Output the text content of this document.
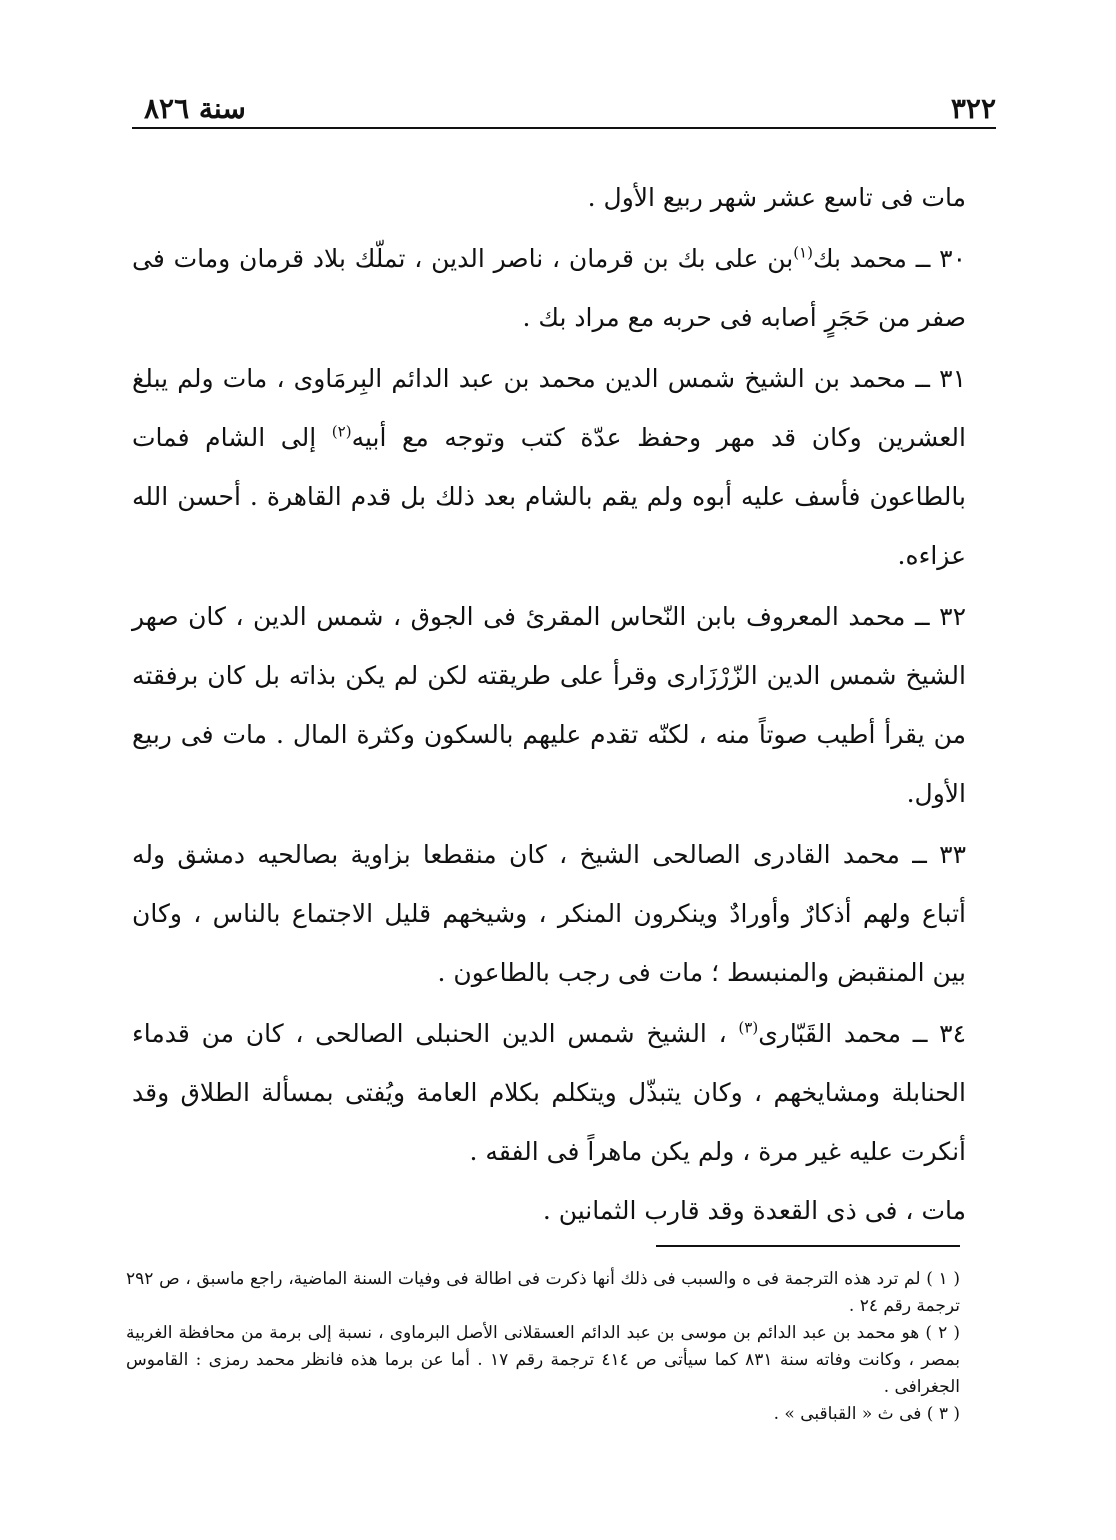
٣٢٢
سنة ٨٢٦

مات فى تاسع عشر شهر ربيع الأول .

٣٠ ــ محمد بك$^{(١)}$بن على بك بن قرمان ، ناصر الدين ، تملّك بلاد قرمان ومات فى صفر من حَجَرٍ أصابه فى حربه مع مراد بك .

٣١ ــ محمد بن الشيخ شمس الدين محمد بن عبد الدائم البِرمَاوى ، مات ولم يبلغ العشرين وكان قد مهر وحفظ عدّة كتب وتوجه مع أبيه$^{(٢)}$ إلى الشام فمات بالطاعون فأسف عليه أبوه ولم يقم بالشام بعد ذلك بل قدم القاهرة . أحسن الله عزاءه.

٣٢ ــ محمد المعروف بابن النّحاس المقرئ فى الجوق ، شمس الدين ، كان صهر الشيخ شمس الدين الزّرْزَارى وقرأ على طريقته لكن لم يكن بذاته بل كان برفقته من يقرأ أطيب صوتاً منه ، لكنّه تقدم عليهم بالسكون وكثرة المال . مات فى ربيع الأول.

٣٣ ــ محمد القادرى الصالحى الشيخ ، كان منقطعا بزاوية بصالحيه دمشق وله أتباع ولهم أذكارٌ وأورادٌ وينكرون المنكر ، وشيخهم قليل الاجتماع بالناس ، وكان بين المنقبض والمنبسط ؛ مات فى رجب بالطاعون .

٣٤ ــ محمد القَبّارى$^{(٣)}$ ، الشيخ شمس الدين الحنبلى الصالحى ، كان من قدماء الحنابلة ومشايخهم ، وكان يتبذّل ويتكلم بكلام العامة ويُفتى بمسألة الطلاق وقد أنكرت عليه غير مرة ، ولم يكن ماهراً فى الفقه .

مات ، فى ذى القعدة وقد قارب الثمانين .

( ١ ) لم ترد هذه الترجمة فى ه والسبب فى ذلك أنها ذكرت فى اطالة فى وفيات السنة الماضية، راجع ماسبق ، ص ٢٩٢ ترجمة رقم ٢٤ .

( ٢ ) هو محمد بن عبد الدائم بن موسى بن عبد الدائم العسقلانى الأصل البرماوى ، نسبة إلى برمة من محافظة الغربية بمصر ، وكانت وفاته سنة ٨٣١ كما سيأتى ص ٤١٤ ترجمة رقم ١٧ . أما عن برما هذه فانظر محمد رمزى : القاموس الجغرافى .

( ٣ ) فى ث « القباقبى » .
